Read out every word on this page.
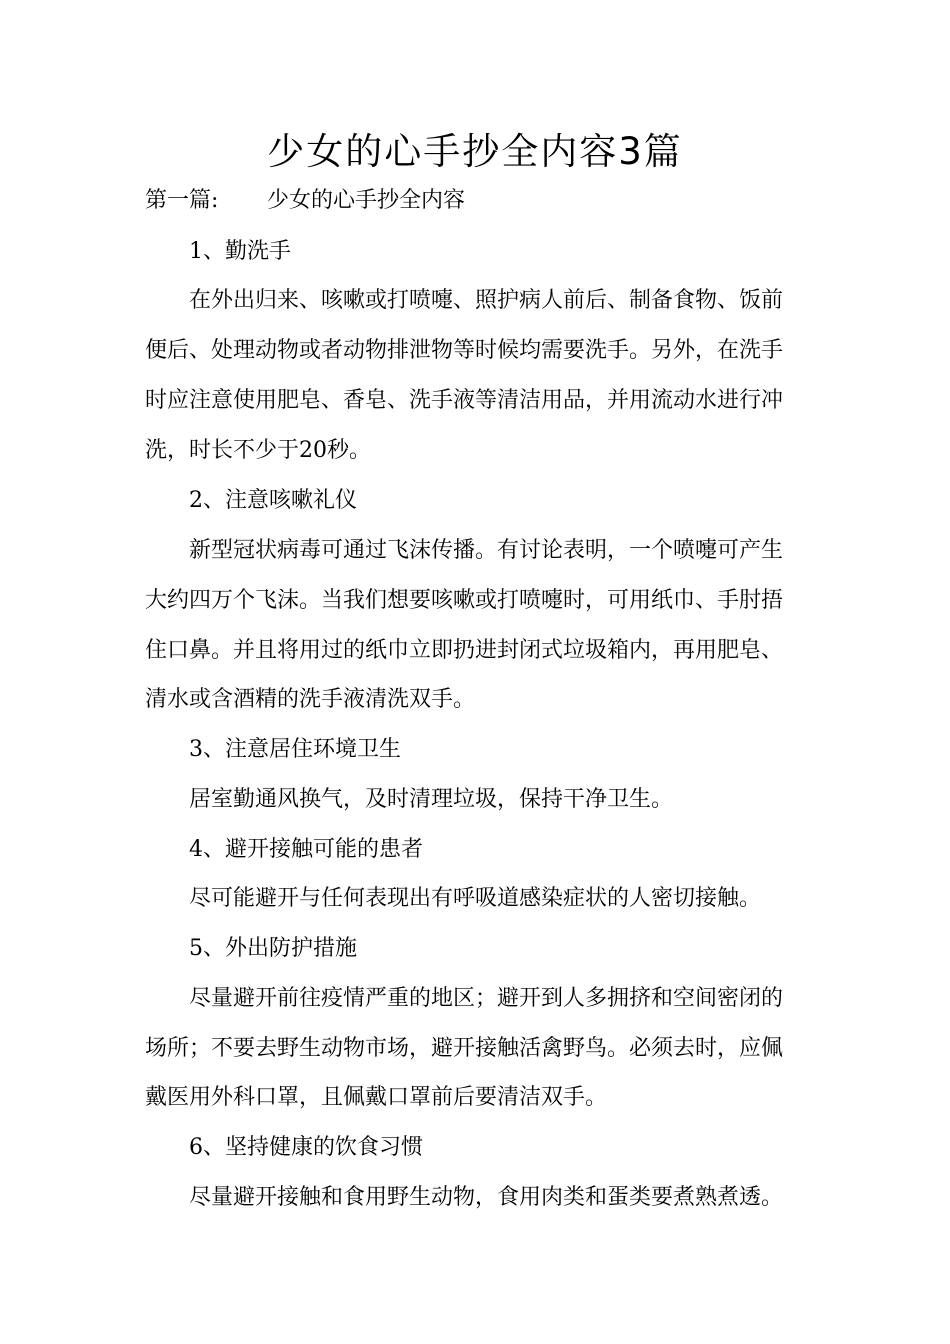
少女的心手抄全内容3篇
第一篇: 少女的心手抄全内容
1、勤洗手
在外出归来、咳嗽或打喷嚏、照护病人前后、制备食物、饭前
便后、处理动物或者动物排泄物等时候均需要洗手。另外，在洗手
时应注意使用肥皂、香皂、洗手液等清洁用品，并用流动水进行冲
洗，时长不少于20秒。
2、注意咳嗽礼仪
新型冠状病毒可通过飞沫传播。有讨论表明，一个喷嚏可产生
大约四万个飞沫。当我们想要咳嗽或打喷嚏时，可用纸巾、手肘捂
住口鼻。并且将用过的纸巾立即扔进封闭式垃圾箱内，再用肥皂、
清水或含酒精的洗手液清洗双手。
3、注意居住环境卫生
居室勤通风换气，及时清理垃圾，保持干净卫生。
4、避开接触可能的患者
尽可能避开与任何表现出有呼吸道感染症状的人密切接触。
5、外出防护措施
尽量避开前往疫情严重的地区；避开到人多拥挤和空间密闭的
场所；不要去野生动物市场，避开接触活禽野鸟。必须去时，应佩
戴医用外科口罩，且佩戴口罩前后要清洁双手。
6、坚持健康的饮食习惯
尽量避开接触和食用野生动物，食用肉类和蛋类要煮熟煮透。
